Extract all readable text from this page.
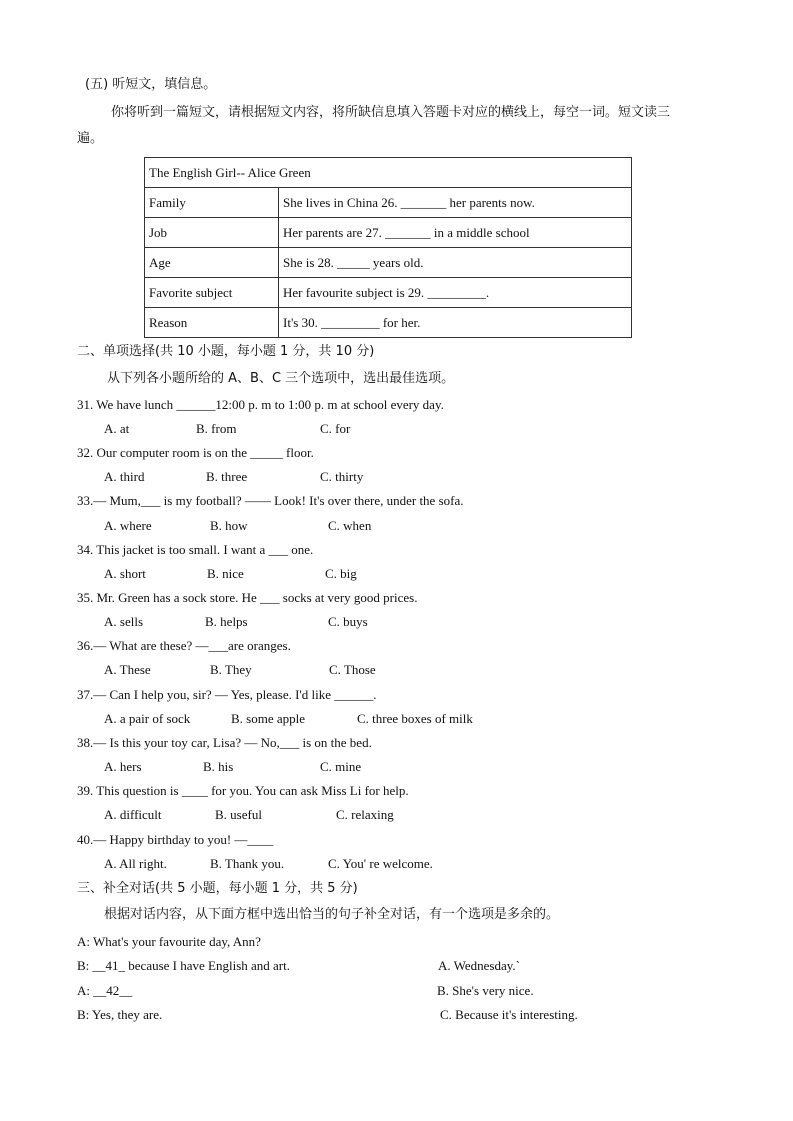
(五) 听短文，填信息。
你将听到一篇短文，请根据短文内容，将所缺信息填入答题卡对应的横线上，每空一词。短文读三
遍。
The English Girl-- Alice Green	
Family	She lives in China 26. _______ her parents now.
Job	Her parents are 27. _______ in a middle school
Age	She is 28. _____ years old.
Favorite subject	Her favourite subject is 29. _________.
Reason	It's 30. _________ for her.
二、单项选择(共 10 小题，每小题 1 分，共 10 分)
从下列各小题所给的 A、B、C 三个选项中，选出最佳选项。
31. We have lunch ______12:00 p. m to 1:00 p. m at school every day.
A. at	B. from	C. for
32. Our computer room is on the _____ floor.
A. third	B. three	C. thirty
33.— Mum,___ is my football? —— Look! It's over there, under the sofa.
A. where	B. how	C. when
34. This jacket is too small. I want a ___ one.
A. short	B. nice	C. big
35. Mr. Green has a sock store. He ___ socks at very good prices.
A. sells	B. helps	C. buys
36.— What are these? —___are oranges.
A. These	B. They	C. Those
37.— Can I help you, sir? — Yes, please. I'd like ______.
A. a pair of sock	B. some apple	C. three boxes of milk
38.— Is this your toy car, Lisa? — No,___ is on the bed.
A. hers	B. his	C. mine
39. This question is ____ for you. You can ask Miss Li for help.
A. difficult	B. useful	C. relaxing
40.— Happy birthday to you! —____
A. All right.	B. Thank you.	C. You' re welcome.
三、补全对话(共 5 小题，每小题 1 分，共 5 分)
根据对话内容，从下面方框中选出恰当的句子补全对话，有一个选项是多余的。
A: What's your favourite day, Ann?
B: __41_ because I have English and art.	A. Wednesday.`
A: __42__	B. She's very nice.
B: Yes, they are.	C. Because it's interesting.
